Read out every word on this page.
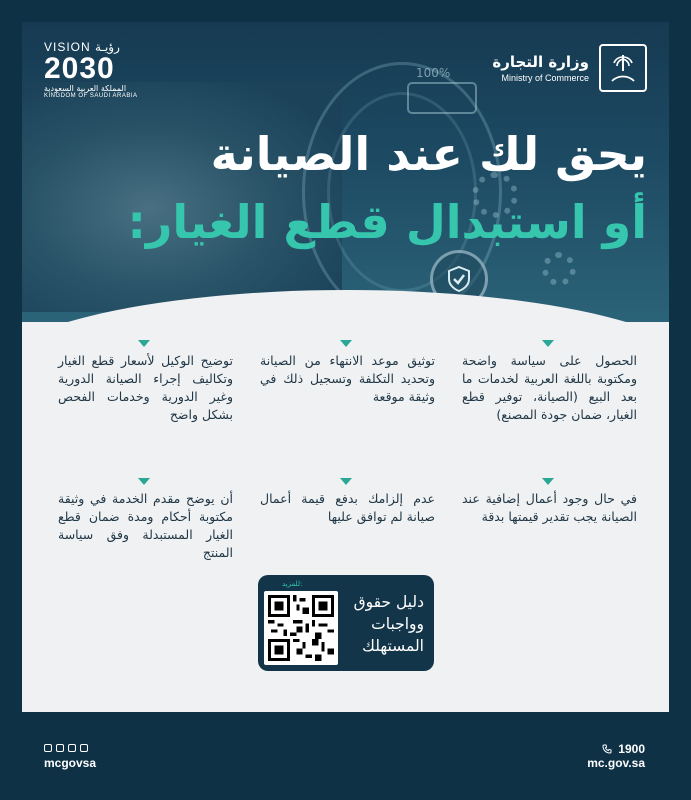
100%
VISION ﺭﺅﻳـﺔ
2030
المملكة العربية السعودية
KINGDOM OF SAUDI ARABIA
وزارة التجارة
Ministry of Commerce
يحق لك عند الصيانة
أو استبدال قطع الغيار:
الحصول على سياسة واضحة ومكتوبة باللغة العربية لخدمات ما بعد البيع (الصيانة، توفير قطع الغيار، ضمان جودة المصنع)
توثيق موعد الانتهاء من الصيانة وتحديد التكلفة وتسجيل ذلك في وثيقة موقعة
توضيح الوكيل لأسعار قطع الغيار وتكاليف إجراء الصيانة الدورية وغير الدورية وخدمات الفحص بشكل واضح
في حال وجود أعمال إضافية عند الصيانة يجب تقدير قيمتها بدقة
عدم إلزامك بدفع قيمة أعمال صيانة لم توافق عليها
أن يوضح مقدم الخدمة في وثيقة مكتوبة أحكام ومدة ضمان قطع الغيار المستبدلة وفق سياسة المنتج
للمزيد:
دليل حقوق وواجبات المستهلك
mcgovsa
1900
mc.gov.sa
